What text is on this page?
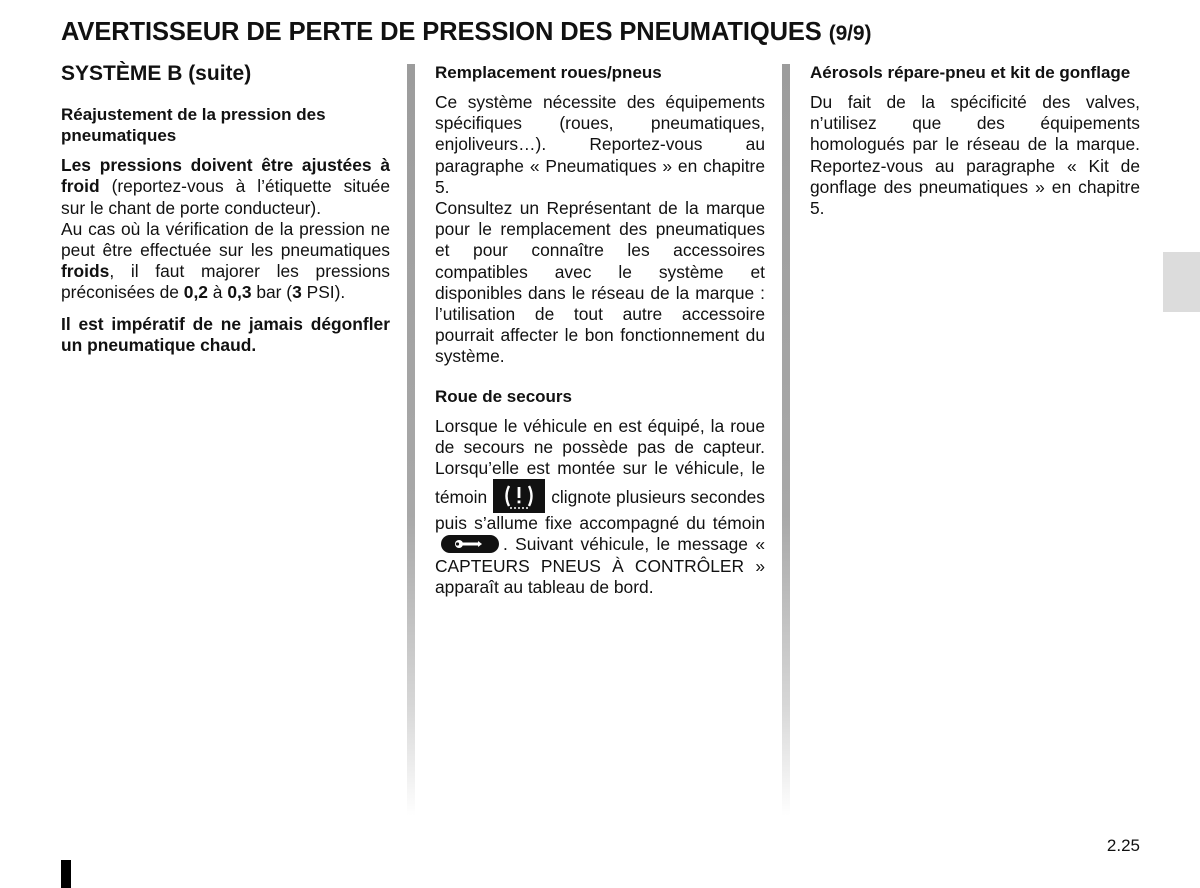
AVERTISSEUR DE PERTE DE PRESSION DES PNEUMATIQUES (9/9)
SYSTÈME B (suite)
Réajustement de la pression des pneumatiques

Les pressions doivent être ajustées à froid (reportez-vous à l’étiquette située sur le chant de porte conducteur).

Au cas où la vérification de la pression ne peut être effectuée sur les pneumatiques froids, il faut majorer les pressions préconisées de 0,2 à 0,3 bar (3 PSI).

Il est impératif de ne jamais dégonfler un pneumatique chaud.

Remplacement roues/pneus

Ce système nécessite des équipements spécifiques (roues, pneumatiques, enjoliveurs…). Reportez-vous au paragraphe « Pneumatiques » en chapitre 5.

Consultez un Représentant de la marque pour le remplacement des pneumatiques et pour connaître les accessoires compatibles avec le système et disponibles dans le réseau de la marque : l’utilisation de tout autre accessoire pourrait affecter le bon fonctionnement du système.

Roue de secours

Lorsque le véhicule en est équipé, la roue de secours ne possède pas de capteur. Lorsqu’elle est montée sur le véhicule, le témoin	clignote plusieurs secondes puis s’allume fixe accompagné du témoin
. Suivant véhicule, le message « CAPTEURS PNEUS À CONTRÔLER » apparaît au tableau de bord.

Aérosols répare-pneu et kit de gonflage

Du fait de la spécificité des valves, n’utilisez que des équipements homologués par le réseau de la marque. Reportez-vous au paragraphe « Kit de gonflage des pneumatiques » en chapitre 5.

2.25
